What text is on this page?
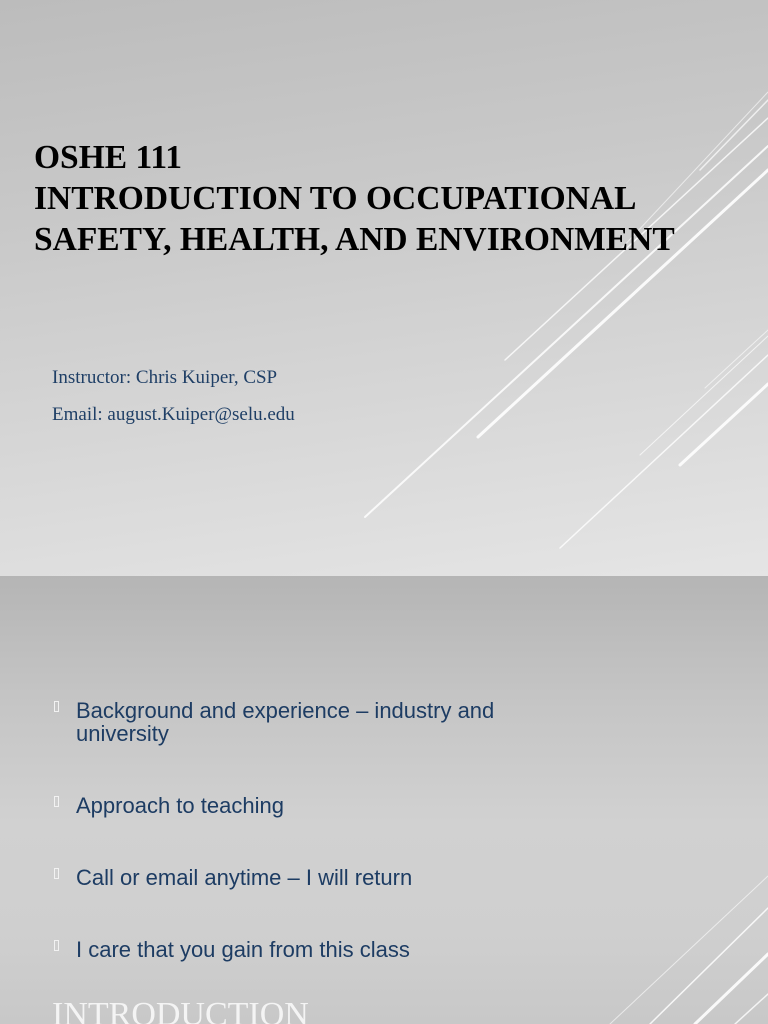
OSHE 111
INTRODUCTION TO OCCUPATIONAL
SAFETY, HEALTH, AND ENVIRONMENT
Instructor: Chris Kuiper, CSP
Email: august.Kuiper@selu.edu
Background and experience – industry and university
Approach to teaching
Call or email anytime – I will return
I care that you gain from this class
INTRODUCTION
